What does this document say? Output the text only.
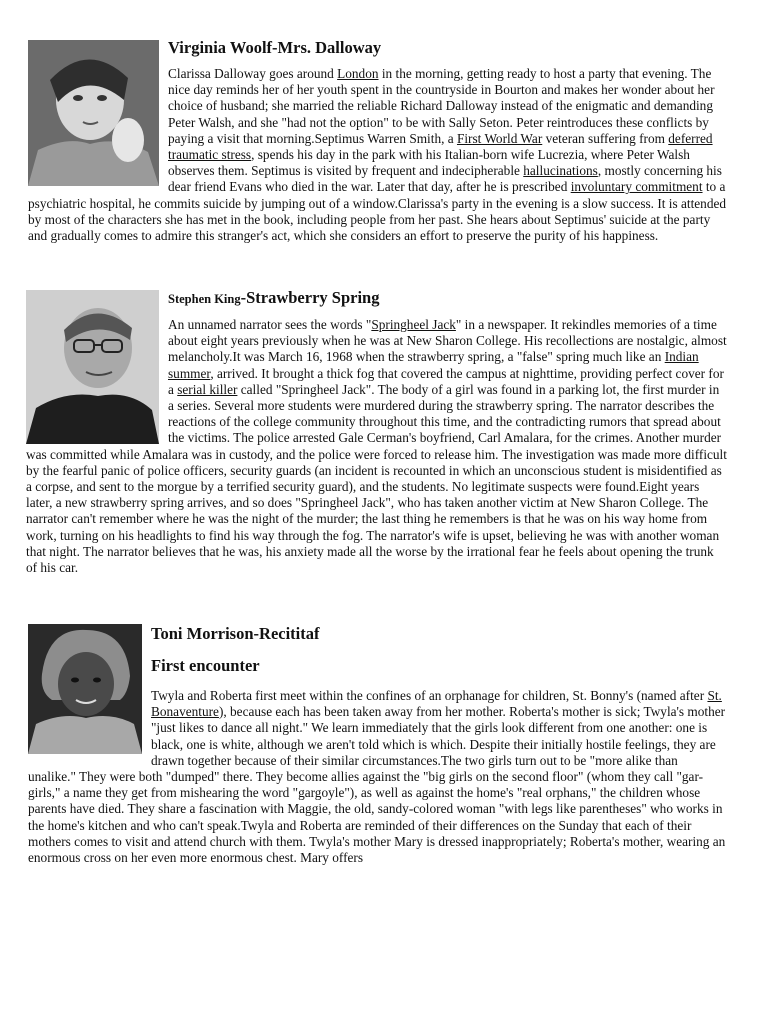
Virginia Woolf-Mrs. Dalloway

Clarissa Dalloway goes around London in the morning, getting ready to host a party that evening. The nice day reminds her of her youth spent in the countryside in Bourton and makes her wonder about her choice of husband; she married the reliable Richard Dalloway instead of the enigmatic and demanding Peter Walsh, and she "had not the option" to be with Sally Seton. Peter reintroduces these conflicts by paying a visit that morning.Septimus Warren Smith, a First World War veteran suffering from deferred traumatic stress, spends his day in the park with his Italian-born wife Lucrezia, where Peter Walsh observes them. Septimus is visited by frequent and indecipherable hallucinations, mostly concerning his dear friend Evans who died in the war. Later that day, after he is prescribed involuntary commitment to a psychiatric hospital, he commits suicide by jumping out of a window.Clarissa's party in the evening is a slow success. It is attended by most of the characters she has met in the book, including people from her past. She hears about Septimus' suicide at the party and gradually comes to admire this stranger's act, which she considers an effort to preserve the purity of his happiness.

Stephen King-Strawberry Spring

An unnamed narrator sees the words "Springheel Jack" in a newspaper. It rekindles memories of a time about eight years previously when he was at New Sharon College. His recollections are nostalgic, almost melancholy.It was March 16, 1968 when the strawberry spring, a "false" spring much like an Indian summer, arrived. It brought a thick fog that covered the campus at nighttime, providing perfect cover for a serial killer called "Springheel Jack". The body of a girl was found in a parking lot, the first murder in a series. Several more students were murdered during the strawberry spring. The narrator describes the reactions of the college community throughout this time, and the contradicting rumors that spread about the victims. The police arrested Gale Cerman's boyfriend, Carl Amalara, for the crimes. Another murder was committed while Amalara was in custody, and the police were forced to release him. The investigation was made more difficult by the fearful panic of police officers, security guards (an incident is recounted in which an unconscious student is misidentified as a corpse, and sent to the morgue by a terrified security guard), and the students. No legitimate suspects were found.Eight years later, a new strawberry spring arrives, and so does "Springheel Jack", who has taken another victim at New Sharon College. The narrator can't remember where he was the night of the murder; the last thing he remembers is that he was on his way home from work, turning on his headlights to find his way through the fog. The narrator's wife is upset, believing he was with another woman that night. The narrator believes that he was, his anxiety made all the worse by the irrational fear he feels about opening the trunk of his car.

Toni Morrison-Recititaf
First encounter

Twyla and Roberta first meet within the confines of an orphanage for children, St. Bonny's (named after St. Bonaventure), because each has been taken away from her mother. Roberta's mother is sick; Twyla's mother "just likes to dance all night." We learn immediately that the girls look different from one another: one is black, one is white, although we aren't told which is which. Despite their initially hostile feelings, they are drawn together because of their similar circumstances.The two girls turn out to be "more alike than unalike." They were both "dumped" there. They become allies against the "big girls on the second floor" (whom they call "gar-girls," a name they get from mishearing the word "gargoyle"), as well as against the home's "real orphans," the children whose parents have died. They share a fascination with Maggie, the old, sandy-colored woman "with legs like parentheses" who works in the home's kitchen and who can't speak.Twyla and Roberta are reminded of their differences on the Sunday that each of their mothers comes to visit and attend church with them. Twyla's mother Mary is dressed inappropriately; Roberta's mother, wearing an enormous cross on her even more enormous chest. Mary offers
